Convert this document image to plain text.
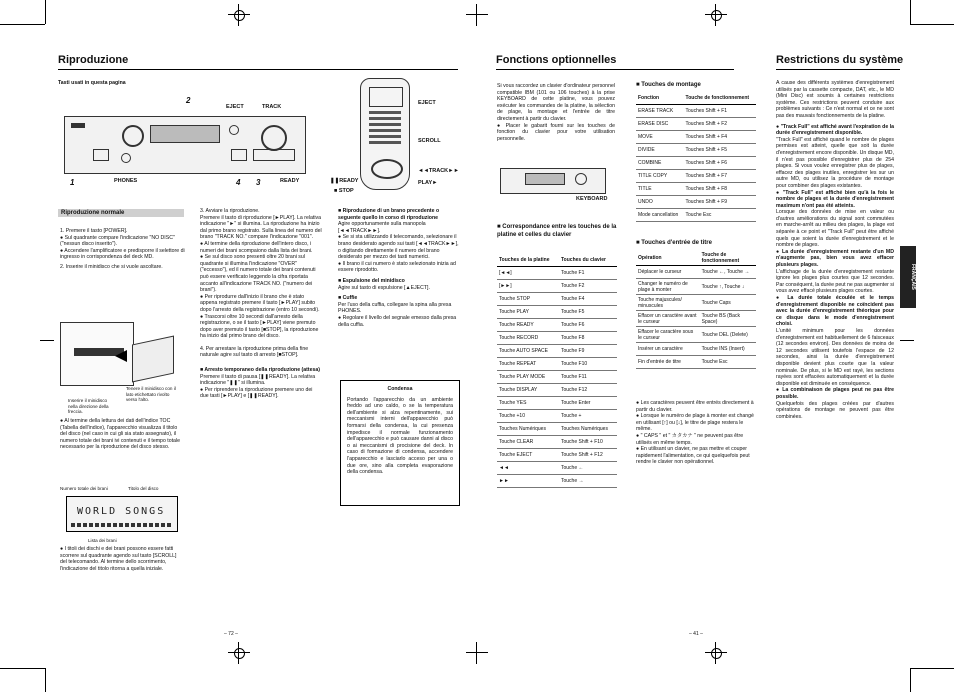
Riproduzione
Tasti usati in questa pagina
2
EJECT	TRACK
1	PHONES	4 3	READY
Riproduzione normale

1. Premere il tasto [POWER].

● Sul quadrante compare l'indicazione "NO DISC" ("nessun disco inserito").

● Accendere l'amplificatore e predisporre il selettore di ingresso in corrispondenza del deck MD.

2. Inserire il minidisco che si vuole ascoltare.

Inserire il minidisco nella direzione della freccia.
Tenere il minidisco con il lato etichettato rivolto verso l'alto.
● Al termine della lettura dei dati dell'indice TOC (Tabella dell'indice), l'apparecchio visualizza il titolo del disco (nel caso in cui gli sia stato assegnato), il numero totale dei brani ivi contenuti e il tempo totale necessario per la riproduzione del disco stesso.
Numero totale dei brani	Titolo del disco
WORLD SONGS
Lista dei brani
● I titoli dei dischi e dei brani possono essere fatti scorrere sul quadrante agendo sul tasto [SCROLL] del telecomando. Al termine dello scorrimento, l'indicazione del titolo ritorna a quella iniziale.

3. Avviare la riproduzione.

Premere il tasto di riproduzione [►PLAY]. La relativa indicazione "►" si illumina. La riproduzione ha inizio dal primo brano registrato. Sulla linea del numero del brano "TRACK NO." compare l'indicazione "001".

● Al termine della riproduzione dell'intero disco, i numeri dei brani scompaiono dalla lista dei brani.

● Se sul disco sono presenti oltre 20 brani sul quadrante si illumina l'indicazione "OVER" ("eccesso"), ed il numero totale dei brani contenuti può essere verificato leggendo la cifra riportata accanto all'indicazione TRACK NO. ("numero dei brani").

● Per riprodurre dall'inizio il brano che è stato appena registrato premere il tasto [►PLAY] subito dopo l'arresto della registrazione (entro 10 secondi).

● Trascorsi oltre 10 secondi dall'arresto della registrazione, o se il tasto [►PLAY] viene premuto dopo aver premuto il tasto [■STOP], la riproduzione ha inizio dal primo brano del disco.

4. Per arrestare la riproduzione prima della fine naturale agire sul tasto di arresto [■STOP].

■ Arresto temporaneo della riproduzione (attesa)

Premere il tasto di pausa [❚❚READY]. La relativa indicazione "❚❚" si illumina.

● Per riprendere la riproduzione premere uno dei due tasti [►PLAY] e [❚❚READY].

EJECT
SCROLL
◄◄TRACK►►
❚❚READY
■ STOP
PLAY►

■ Riproduzione di un brano precedente o seguente quello in corso di riproduzione

Agire opportunamente sulla manopola [◄◄TRACK►►].

● Se si sta utilizzando il telecomando, selezionare il brano desiderato agendo sui tasti [◄◄TRACK►►], o digitando direttamente il numero del brano desiderato per mezzo dei tasti numerici.

● Il brano il cui numero è stato selezionato inizia ad essere riprodotto.

■ Espulsione del minidisco

Agire sul tasto di espulsione [▲EJECT].

■ Cuffie

Per l'uso della cuffia, collegare la spina alla presa PHONES.

● Regolare il livello del segnale emesso dalla presa della cuffia.

Condensa
Portando l'apparecchio da un ambiente freddo ad uno caldo, o se la temperatura dell'ambiente si alza repentinamente, sui meccanismi interni dell'apparecchio può formarsi della condensa, la cui presenza impedisce il normale funzionamento dell'apparecchio e può causare danni al disco o ai meccanismi di procisione del deck. In caso di formazione di condensa, accendere l'apparecchio e lasciarlo acceso per una o due ore, sino alla completa evaporazione della condensa.
– 72 –
Fonctions optionnelles	Restrictions du système

Si vous raccordez un clavier d'ordinateur personnel compatible IBM (101 ou 106 touches) à la prise KEYBOARD de cette platine, vous pouvez exécuter les commandes de la platine, la sélection de plage, la montage et l'entrée de titre directement à partir du clavier.

● Placer le gabarit fourni sur les touches de fonction du clavier pour votre utilisation personnelle.

KEYBOARD
■ Correspondance entre les touches de la platine et celles du clavier
Touches de la platine	Touches du clavier
[◄◄]	Touche F1
[►►]	Touche F2
Touche STOP	Touche F4
Touche PLAY	Touche F5
Touche READY	Touche F6
Touche RECORD	Touche F8
Touche AUTO SPACE	Touche F9
Touche REPEAT	Touche F10
Touche PLAY MODE	Touche F11
Touche DISPLAY	Touche F12
Touche YES	Touche Enter
Touche +10	Touche +
Touches Numériques	Touches Numériques
Touche CLEAR	Touche Shift + F10
Touche EJECT	Touche Shift + F12
◄◄	Touche ←
►►	Touche →
■ Touches de montage
Fonction	Touche de fonctionnement
ERASE TRACK	Touches Shift + F1
ERASE DISC	Touches Shift + F2
MOVE	Touches Shift + F4
DIVIDE	Touches Shift + F5
COMBINE	Touches Shift + F6
TITLE COPY	Touches Shift + F7
TITLE	Touches Shift + F8
UNDO	Touches Shift + F9
Mode cancellation	Touche Esc
■ Touches d'entrée de titre
Opération	Touche de fonctionnement
Déplacer le curseur	Touche ←, Touche →
Changer le numéro de plage à monter	Touche ↑, Touche ↓
Touche majuscules/ minuscules	Touche Caps
Effacer un caractère avant le curseur	Touche BS (Back Space)
Effacer le caractère sous le curseur	Touche DEL (Delete)
Insérer un caractère	Touche INS (Insert)
Fin d'entrée de titre	Touche Esc

● Les caractères peuvent être entrés directement à partir du clavier.

● Lorsque le numéro de plage à monter est changé en utilisant [↑] ou [↓], le titre de plage restera le même.

● " CAPS " et " カタカナ " ne peuvent pas être utilisés en même temps.

● En utilisant un clavier, ne pas mettre et couper rapidement l'alimentation, ce qui quelquefois peut rendre le clavier non opérationnel.

A cause des différents systèmes d'enregistrement utilisés par la cassette compacte, DAT, etc., le MD (Mini Disc) est soumis à certaines restrictions système. Ces restrictions peuvent conduire aux problèmes suivants : Ce n'est normal et ce ne sont pas des mauvais fonctionnements de la platine.

● "Track Full" est affiché avant l'expiration de la durée d'enregistrement disponible.

"Track Full" est affiché quand le nombre de plages permises est atteint, quelle que soit la durée d'enregistrement encore disponible. Un disque MD, il n'est pas possible d'enregistrer plus de 254 plages. Si vous voulez enregistrer plus de plages, effacez des plages inutiles, enregistrer les sur un autre MD, ou utilisez la procédure de montage pour combiner des plages existantes.

● "Track Full" est affiché bien qu'à la fois le nombre de plages et la durée d'enregistrement maximum n'ont pas été atteints.

Lorsque des données de mise en valeur ou d'autres améliorations du signal sont commutées en marche-arrêt au milieu des plages, la plage est séparée à ce point et "Track Full" peut être affiché quels que soient la durée d'enregistrement et le nombre de plages.

● La durée d'enregistrement restante d'un MD n'augmente pas, bien vous avez effacer plusieurs plages.

L'affichage de la durée d'enregistrement restante ignore les plages plus courtes que 12 secondes. Par conséquent, la durée peut ne pas augmenter si vous avez effacé plusieurs plages courtes.

● La durée totale écoulée et le temps d'enregistrement disponible ne coïncident pas avec la durée d'enregistrement théorique pour ce disque dans le mode d'enregistrement choisi.

L'unité minimum pour les données d'enregistrement est habituellement de 6 faisceaux (12 secondes environ). Des données de moins de 12 secondes utilisent toutefois l'espace de 12 secondes, ainsi la durée d'enregistrement disponible devient plus courte que la valeur nominale. De plus, si le MD est rayé, les sections rayées sont effacées automatiquement et la durée disponible est diminuée en conséquence.

● La combinaison de plages peut ne pas être possible.

Quelquefois des plages créées par d'autres opérations de montage ne peuvent pas être combinées.

FRANÇAIS
– 41 –
